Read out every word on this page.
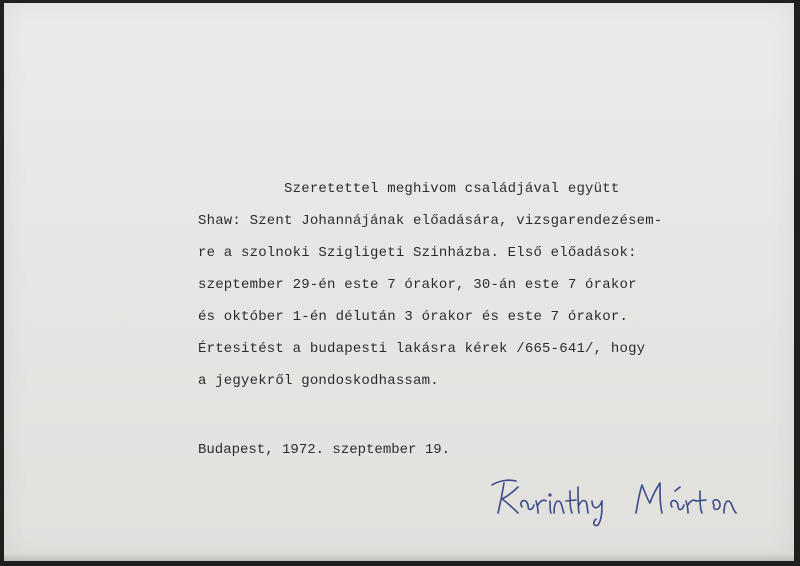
Szeretettel meghivom családjával együtt

Shaw: Szent Johannájának előadására, vizsgarendezésem-

re a szolnoki Szigligeti Szinházba. Első előadások:

szeptember 29-én este 7 órakor, 30-án este 7 órakor

és október 1-én délután 3 órakor és este 7 órakor.

Értesitést a budapesti lakásra kérek /665-641/, hogy

a jegyekről gondoskodhassam.

Budapest, 1972. szeptember 19.
